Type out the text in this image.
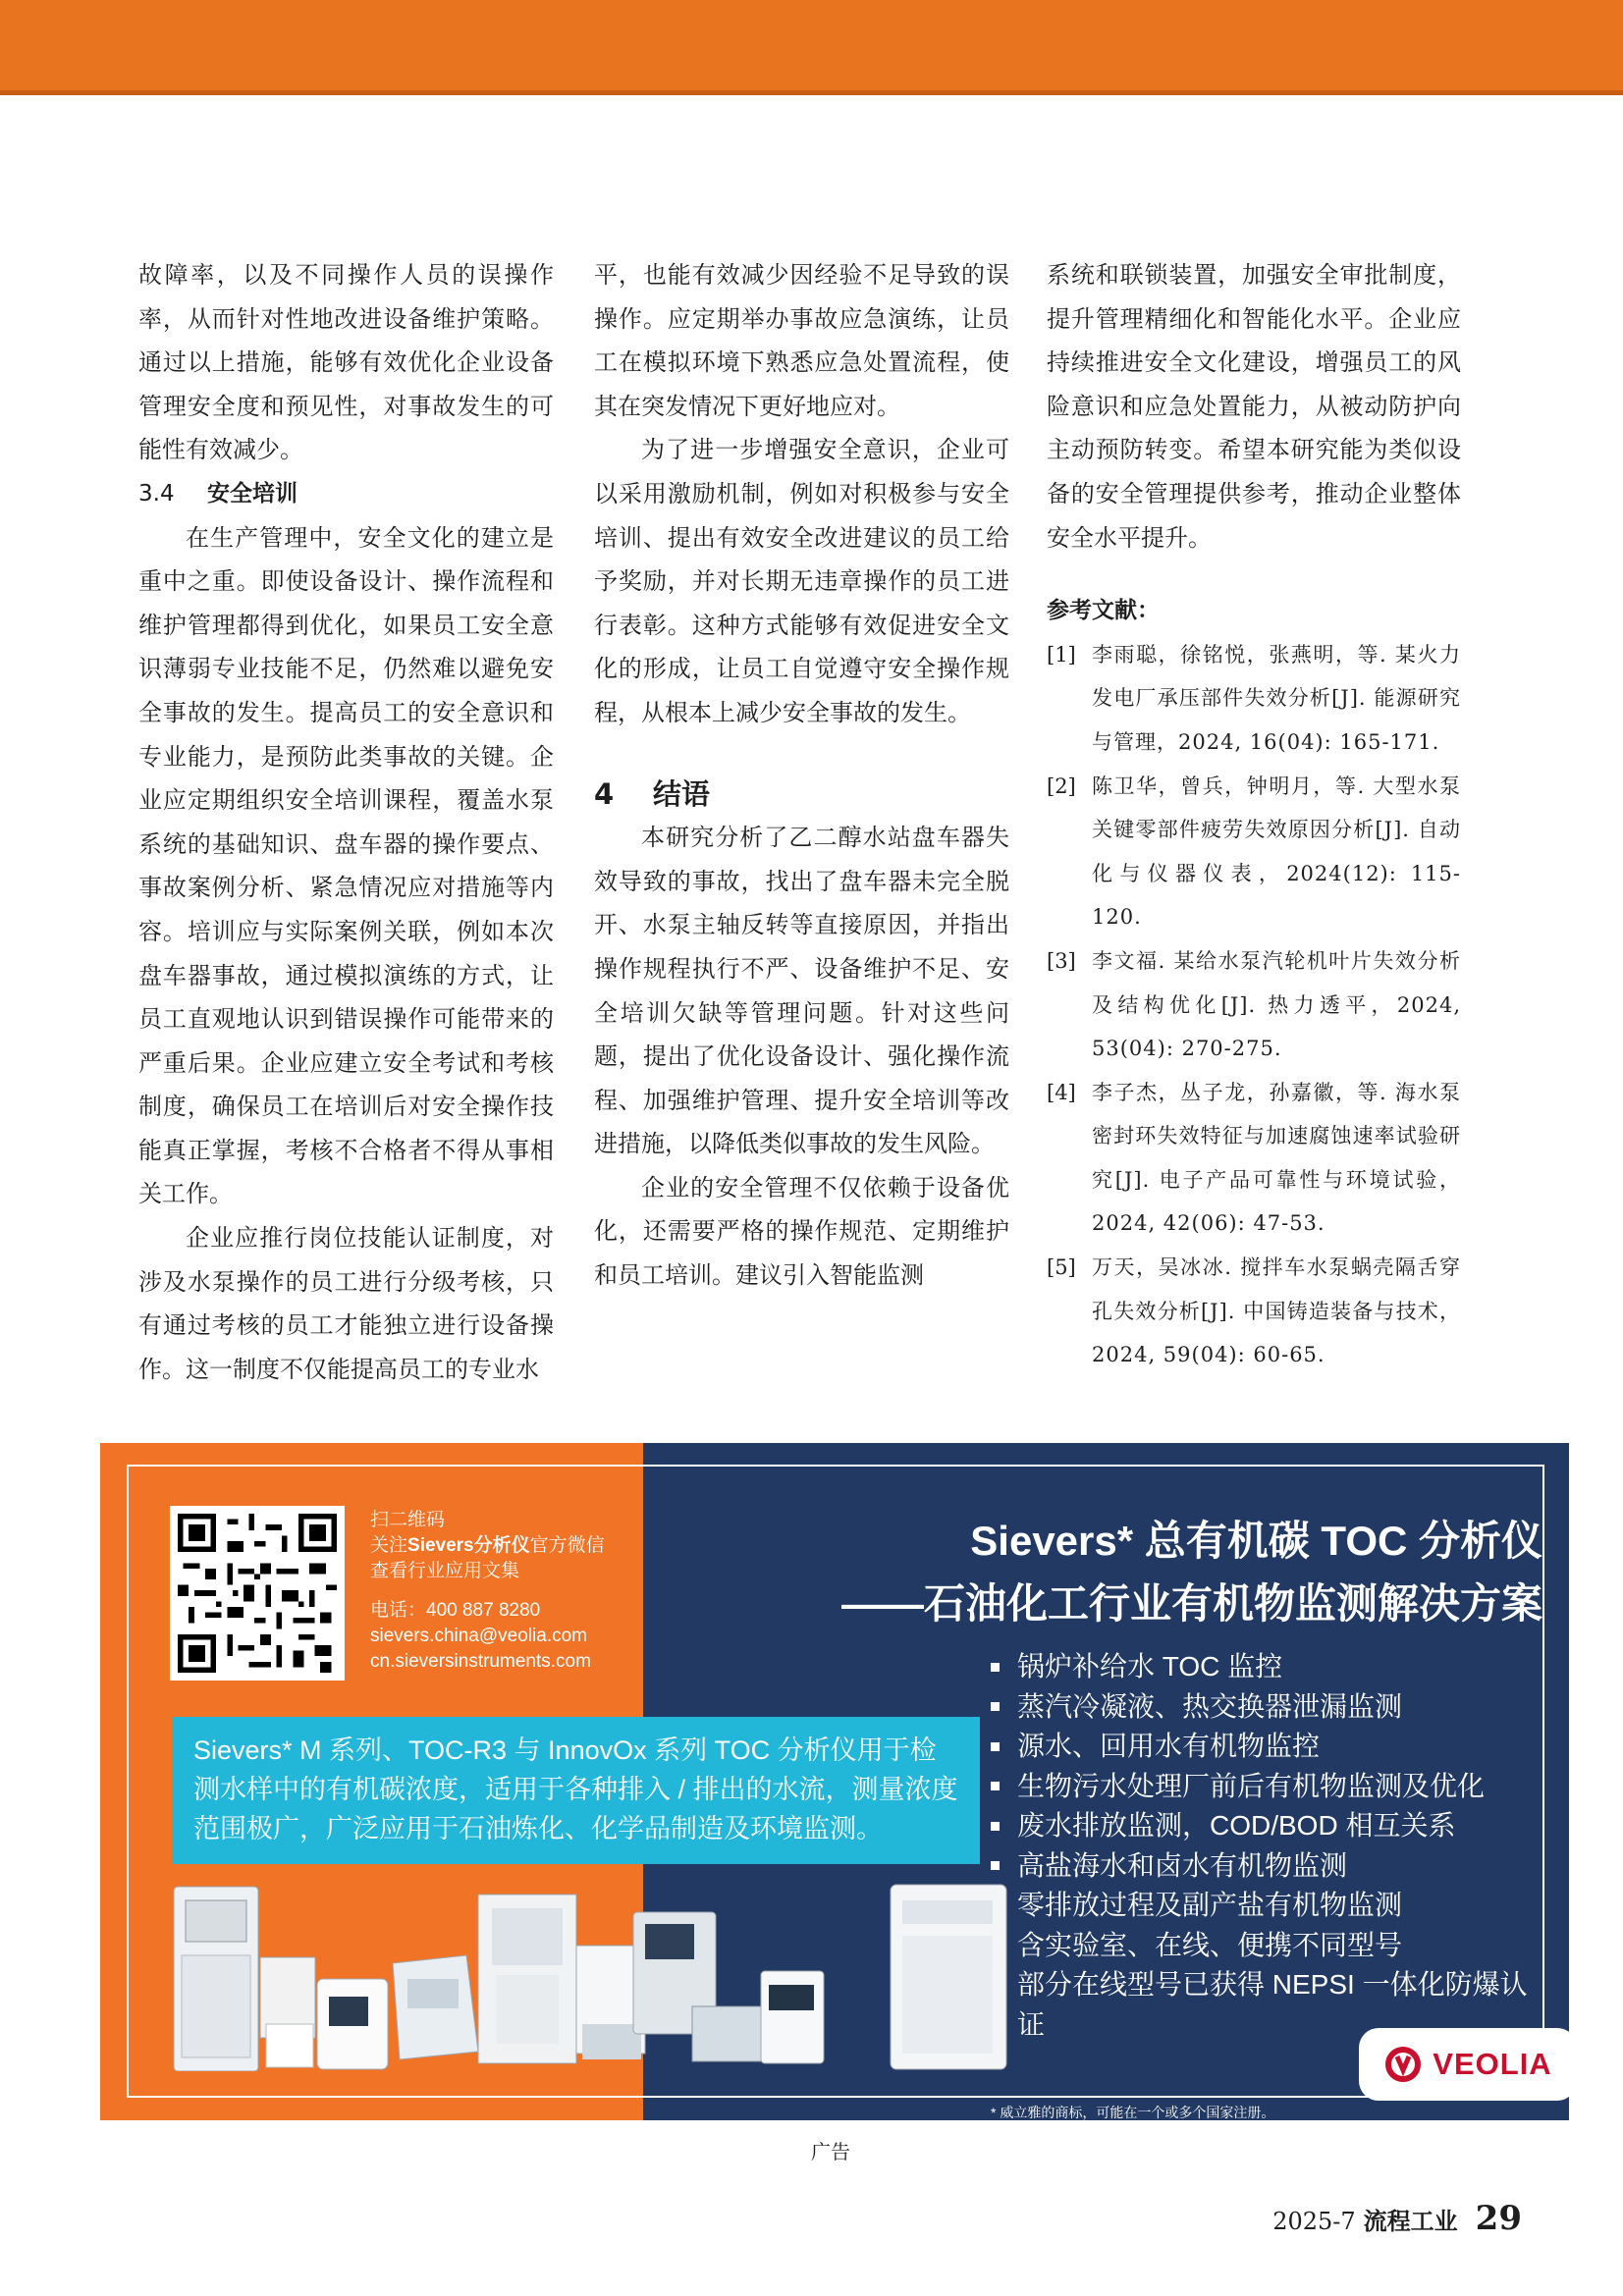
故障率，以及不同操作人员的误操作率，从而针对性地改进设备维护策略。通过以上措施，能够有效优化企业设备管理安全度和预见性，对事故发生的可能性有效减少。

3.4	安全培训

在生产管理中，安全文化的建立是重中之重。即使设备设计、操作流程和维护管理都得到优化，如果员工安全意识薄弱专业技能不足，仍然难以避免安全事故的发生。提高员工的安全意识和专业能力，是预防此类事故的关键。企业应定期组织安全培训课程，覆盖水泵系统的基础知识、盘车器的操作要点、事故案例分析、紧急情况应对措施等内容。培训应与实际案例关联，例如本次盘车器事故，通过模拟演练的方式，让员工直观地认识到错误操作可能带来的严重后果。企业应建立安全考试和考核制度，确保员工在培训后对安全操作技能真正掌握，考核不合格者不得从事相关工作。

企业应推行岗位技能认证制度，对涉及水泵操作的员工进行分级考核，只有通过考核的员工才能独立进行设备操作。这一制度不仅能提高员工的专业水

平，也能有效减少因经验不足导致的误操作。应定期举办事故应急演练，让员工在模拟环境下熟悉应急处置流程，使其在突发情况下更好地应对。

为了进一步增强安全意识，企业可以采用激励机制，例如对积极参与安全培训、提出有效安全改进建议的员工给予奖励，并对长期无违章操作的员工进行表彰。这种方式能够有效促进安全文化的形成，让员工自觉遵守安全操作规程，从根本上减少安全事故的发生。

4	结语

本研究分析了乙二醇水站盘车器失效导致的事故，找出了盘车器未完全脱开、水泵主轴反转等直接原因，并指出操作规程执行不严、设备维护不足、安全培训欠缺等管理问题。针对这些问题，提出了优化设备设计、强化操作流程、加强维护管理、提升安全培训等改进措施，以降低类似事故的发生风险。

企业的安全管理不仅依赖于设备优化，还需要严格的操作规范、定期维护和员工培训。建议引入智能监测

系统和联锁装置，加强安全审批制度，提升管理精细化和智能化水平。企业应持续推进安全文化建设，增强员工的风险意识和应急处置能力，从被动防护向主动预防转变。希望本研究能为类似设备的安全管理提供参考，推动企业整体安全水平提升。

参考文献：
[1] 李雨聪，徐铭悦，张燕明，等. 某火力发电厂承压部件失效分析[J]. 能源研究与管理，2024, 16(04): 165-171.
[2] 陈卫华，曾兵，钟明月，等. 大型水泵关键零部件疲劳失效原因分析[J]. 自动化与仪器仪表，2024(12): 115-120.
[3] 李文福. 某给水泵汽轮机叶片失效分析及结构优化[J]. 热力透平，2024, 53(04): 270-275.
[4] 李子杰，丛子龙，孙嘉徽，等. 海水泵密封环失效特征与加速腐蚀速率试验研究[J]. 电子产品可靠性与环境试验，2024, 42(06): 47-53.
[5] 万天，吴冰冰. 搅拌车水泵蜗壳隔舌穿孔失效分析[J]. 中国铸造装备与技术，2024, 59(04): 60-65.
扫二维码
关注Sievers分析仪官方微信
查看行业应用文集
电话：400 887 8280
sievers.china@veolia.com
cn.sieversinstruments.com
Sievers* M 系列、TOC-R3 与 InnovOx 系列 TOC 分析仪用于检测水样中的有机碳浓度，适用于各种排入 / 排出的水流，测量浓度范围极广，广泛应用于石油炼化、化学品制造及环境监测。
Sievers* 总有机碳 TOC 分析仪
——石油化工行业有机物监测解决方案
锅炉补给水 TOC 监控
蒸汽冷凝液、热交换器泄漏监测
源水、回用水有机物监控
生物污水处理厂前后有机物监测及优化
废水排放监测，COD/BOD 相互关系
高盐海水和卤水有机物监测
零排放过程及副产盐有机物监测
含实验室、在线、便携不同型号
部分在线型号已获得 NEPSI 一体化防爆认证
VEOLIA
* 威立雅的商标，可能在一个或多个国家注册。
广告
2025-7 流程工业 29
